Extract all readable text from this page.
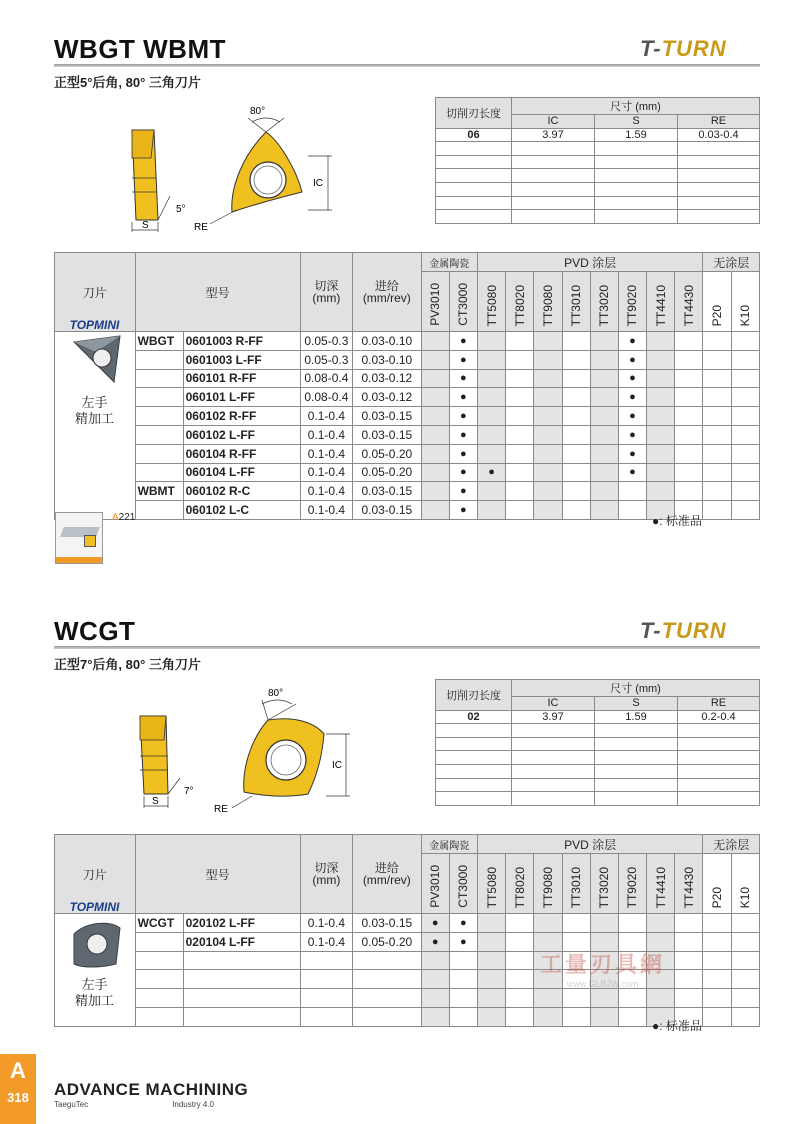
WBGT WBMT	T-TURN
正型5°后角, 80° 三角刀片
S
5°
80°
IC
RE
切削刃长度	尺寸 (mm)		
	IC	S	RE
06	3.97	1.59	0.03-0.4

刀片	型号		切深
(mm)	进给
(mm/rev)	金属陶瓷		PVD 涂层								无涂层	
					PV3010	CT3000	TT5080	TT8020	TT9080	TT3010	TT3020	TT9020	TT4410	TT4430	P20	K10
	WBGT	0601003 R-FF	0.05-0.3	0.03-0.10		●						●				
		0601003 L-FF	0.05-0.3	0.03-0.10		●						●				
		060101 R-FF	0.08-0.4	0.03-0.12		●						●				
		060101 L-FF	0.08-0.4	0.03-0.12		●						●				
		060102 R-FF	0.1-0.4	0.03-0.15		●						●				
		060102 L-FF	0.1-0.4	0.03-0.15		●						●				
		060104 R-FF	0.1-0.4	0.05-0.20		●						●				
		060104 L-FF	0.1-0.4	0.05-0.20		●	●					●				
	WBMT	060102 R-C	0.1-0.4	0.03-0.15		●										
		060102 L-C	0.1-0.4	0.03-0.15		●										
TOPMINI
左手
精加工
A221	●: 标准品
WCGT	T-TURN
正型7°后角, 80° 三角刀片
S
7°
80°
IC
RE
切削刃长度	尺寸 (mm)		
	IC	S	RE
02	3.97	1.59	0.2-0.4

刀片	型号		切深
(mm)	进给
(mm/rev)	金属陶瓷		PVD 涂层								无涂层	
					PV3010	CT3000	TT5080	TT8020	TT9080	TT3010	TT3020	TT9020	TT4410	TT4430	P20	K10
	WCGT	020102 L-FF	0.1-0.4	0.03-0.15	●	●										
		020104 L-FF	0.1-0.4	0.05-0.20	●	●										

TOPMINI
左手
精加工
工量刃具網
www.GLBJW.com
●: 标准品
A
318	ADVANCE MACHINING
TaeguTec	Industry 4.0
